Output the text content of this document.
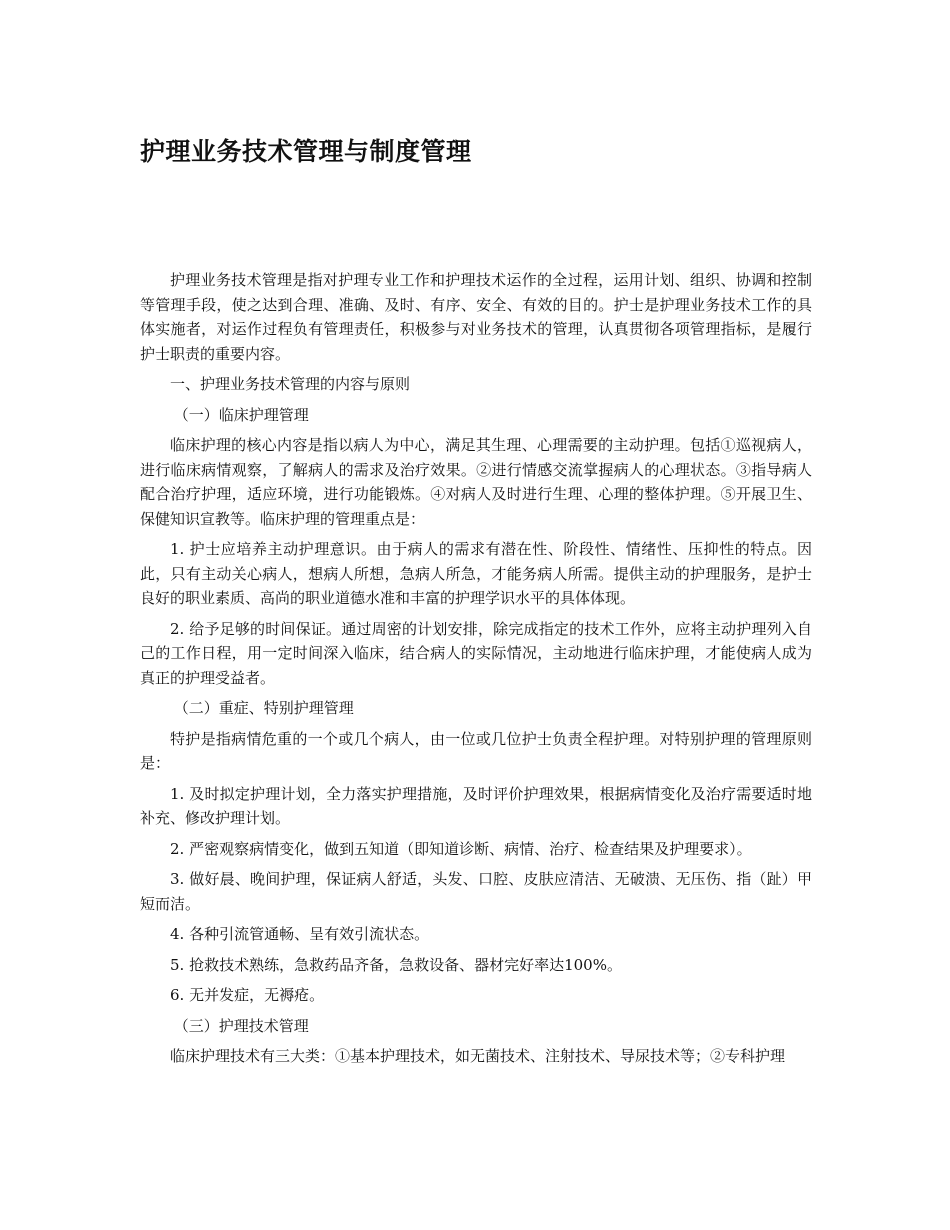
护理业务技术管理与制度管理

护理业务技术管理是指对护理专业工作和护理技术运作的全过程，运用计划、组织、协调和控制等管理手段，使之达到合理、准确、及时、有序、安全、有效的目的。护士是护理业务技术工作的具体实施者，对运作过程负有管理责任，积极参与对业务技术的管理，认真贯彻各项管理指标，是履行护士职责的重要内容。

一、护理业务技术管理的内容与原则

（一）临床护理管理

临床护理的核心内容是指以病人为中心，满足其生理、心理需要的主动护理。包括①巡视病人，进行临床病情观察，了解病人的需求及治疗效果。②进行情感交流掌握病人的心理状态。③指导病人配合治疗护理，适应环境，进行功能锻炼。④对病人及时进行生理、心理的整体护理。⑤开展卫生、保健知识宣教等。临床护理的管理重点是：

1. 护士应培养主动护理意识。由于病人的需求有潜在性、阶段性、情绪性、压抑性的特点。因此，只有主动关心病人，想病人所想，急病人所急，才能务病人所需。提供主动的护理服务，是护士良好的职业素质、高尚的职业道德水准和丰富的护理学识水平的具体体现。

2. 给予足够的时间保证。通过周密的计划安排，除完成指定的技术工作外，应将主动护理列入自己的工作日程，用一定时间深入临床，结合病人的实际情况，主动地进行临床护理，才能使病人成为真正的护理受益者。

（二）重症、特别护理管理

特护是指病情危重的一个或几个病人，由一位或几位护士负责全程护理。对特别护理的管理原则是：

1. 及时拟定护理计划，全力落实护理措施，及时评价护理效果，根据病情变化及治疗需要适时地补充、修改护理计划。

2. 严密观察病情变化，做到五知道（即知道诊断、病情、治疗、检查结果及护理要求）。

3. 做好晨、晚间护理，保证病人舒适，头发、口腔、皮肤应清洁、无破溃、无压伤、指（趾）甲短而洁。

4. 各种引流管通畅、呈有效引流状态。

5. 抢救技术熟练，急救药品齐备，急救设备、器材完好率达100%。

6. 无并发症，无褥疮。

（三）护理技术管理

临床护理技术有三大类：①基本护理技术，如无菌技术、注射技术、导尿技术等；②专科护理
